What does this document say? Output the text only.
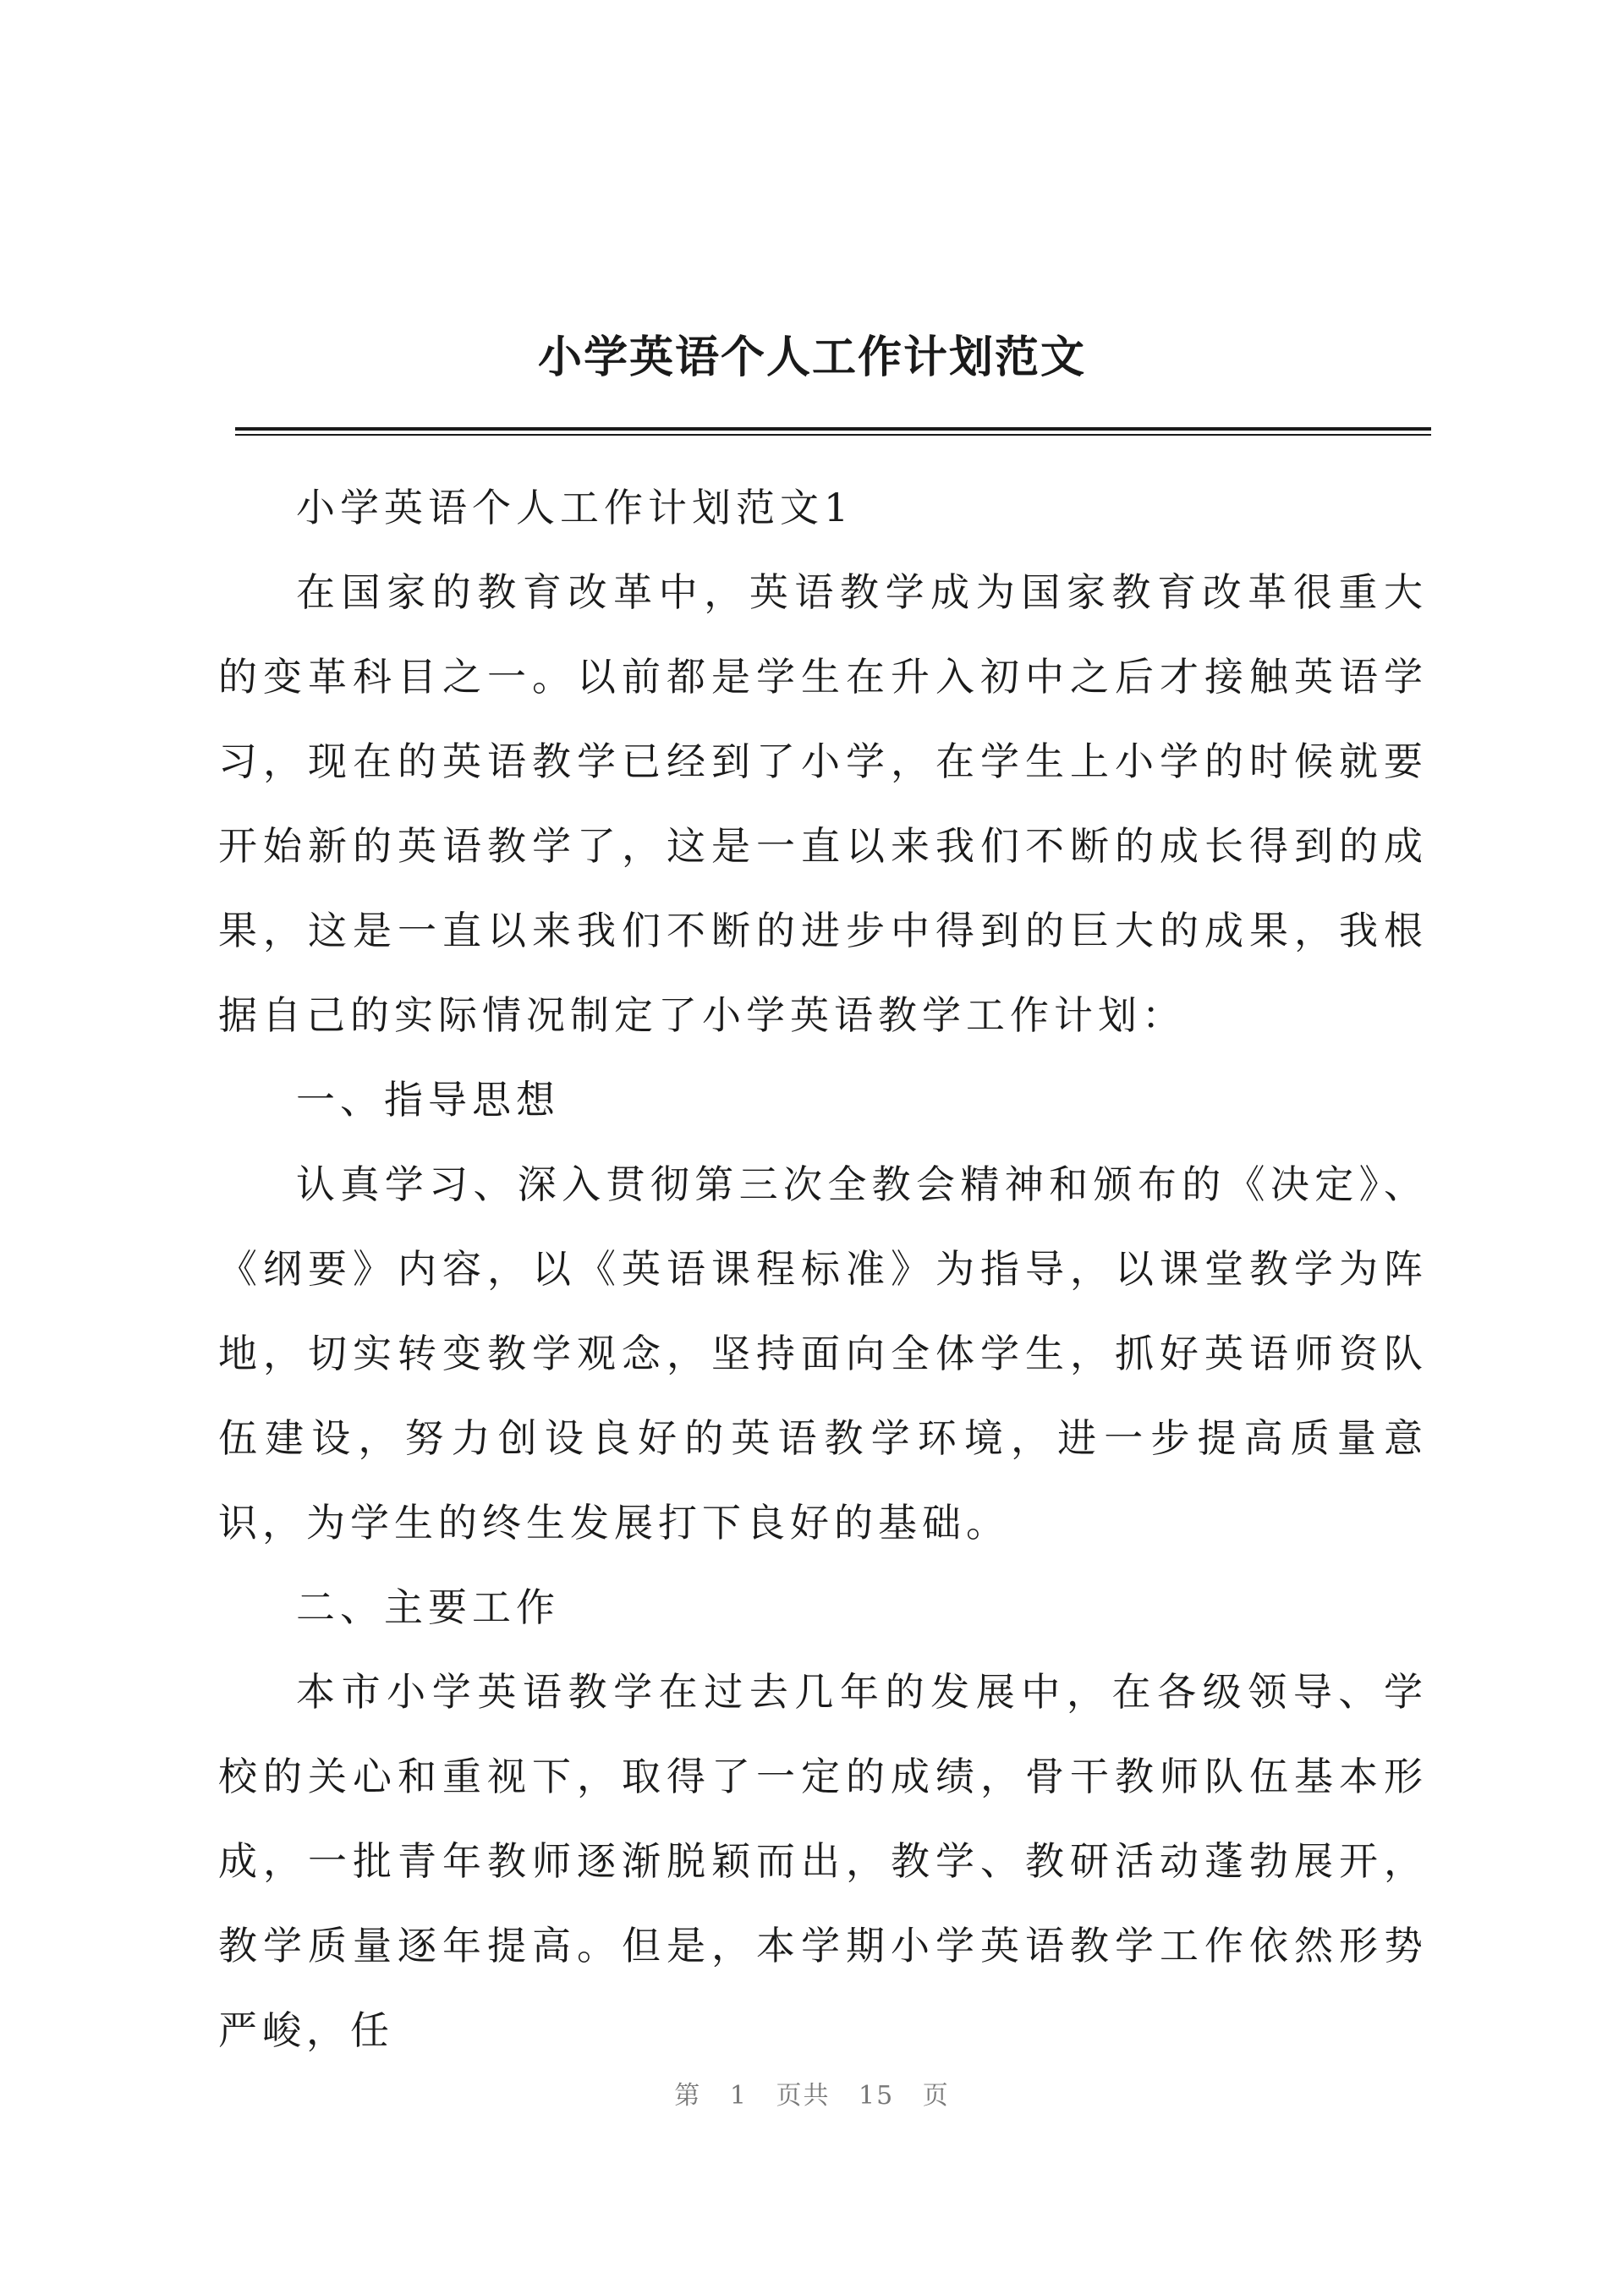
小学英语个人工作计划范文

小学英语个人工作计划范文1

在国家的教育改革中，英语教学成为国家教育改革很重大的变革科目之一。以前都是学生在升入初中之后才接触英语学习，现在的英语教学已经到了小学，在学生上小学的时候就要开始新的英语教学了，这是一直以来我们不断的成长得到的成果，这是一直以来我们不断的进步中得到的巨大的成果，我根据自己的实际情况制定了小学英语教学工作计划：

一、指导思想

认真学习、深入贯彻第三次全教会精神和颁布的《决定》、《纲要》内容，以《英语课程标准》为指导，以课堂教学为阵地，切实转变教学观念，坚持面向全体学生，抓好英语师资队伍建设，努力创设良好的英语教学环境，进一步提高质量意识，为学生的终生发展打下良好的基础。

二、主要工作

本市小学英语教学在过去几年的发展中，在各级领导、学校的关心和重视下，取得了一定的成绩，骨干教师队伍基本形成，一批青年教师逐渐脱颖而出，教学、教研活动蓬勃展开，教学质量逐年提高。但是，本学期小学英语教学工作依然形势严峻，任

第 1 页共 15 页
